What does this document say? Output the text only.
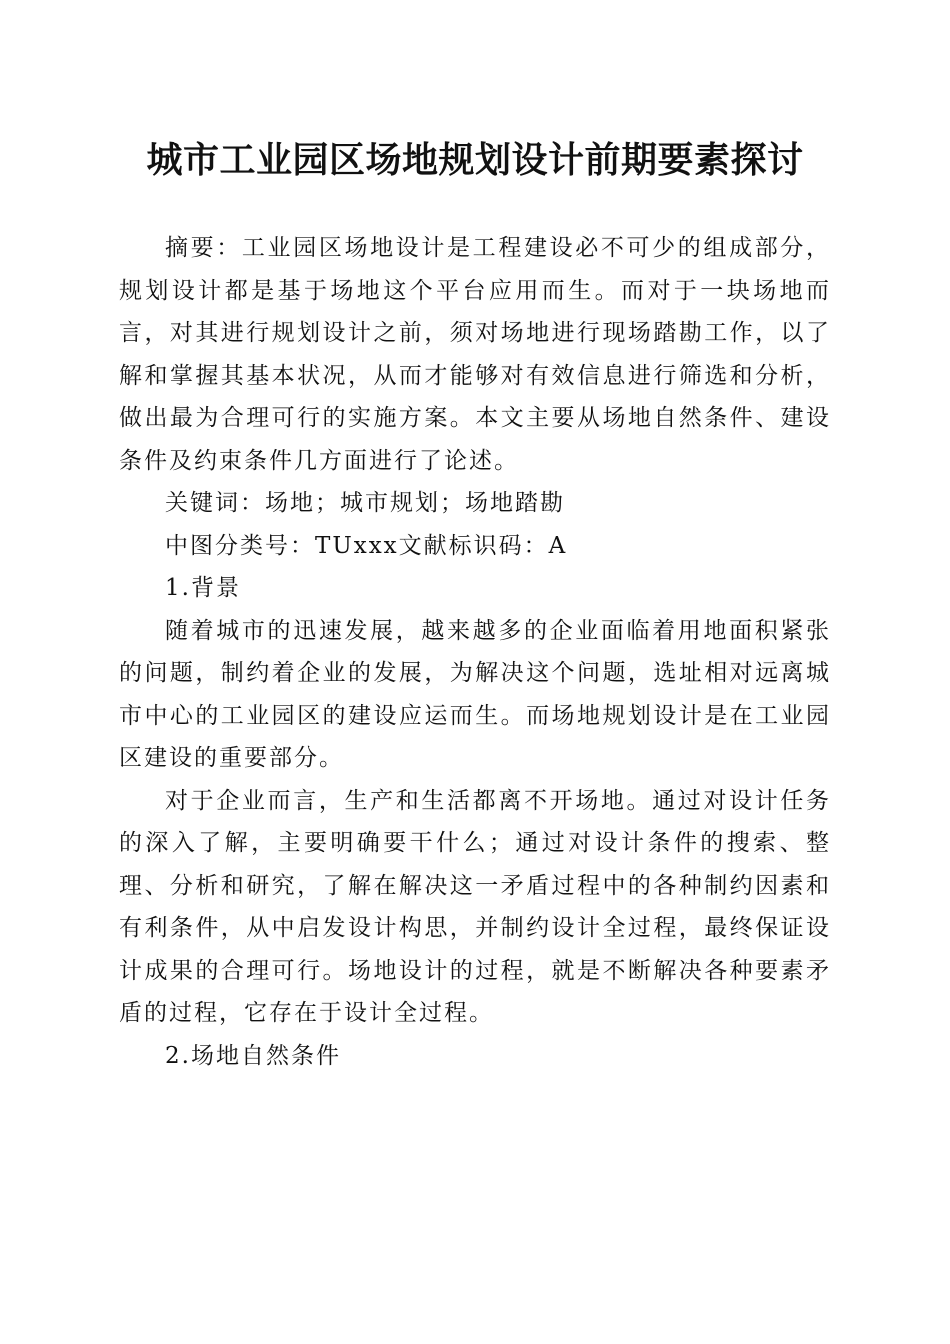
城市工业园区场地规划设计前期要素探讨

摘要：工业园区场地设计是工程建设必不可少的组成部分，规划设计都是基于场地这个平台应用而生。而对于一块场地而言，对其进行规划设计之前，须对场地进行现场踏勘工作，以了解和掌握其基本状况，从而才能够对有效信息进行筛选和分析，做出最为合理可行的实施方案。本文主要从场地自然条件、建设条件及约束条件几方面进行了论述。

关键词：场地；城市规划；场地踏勘

中图分类号：TUxxx文献标识码：A

1.背景

随着城市的迅速发展，越来越多的企业面临着用地面积紧张的问题，制约着企业的发展，为解决这个问题，选址相对远离城市中心的工业园区的建设应运而生。而场地规划设计是在工业园区建设的重要部分。

对于企业而言，生产和生活都离不开场地。通过对设计任务的深入了解，主要明确要干什么；通过对设计条件的搜索、整理、分析和研究，了解在解决这一矛盾过程中的各种制约因素和有利条件，从中启发设计构思，并制约设计全过程，最终保证设计成果的合理可行。场地设计的过程，就是不断解决各种要素矛盾的过程，它存在于设计全过程。

2.场地自然条件
